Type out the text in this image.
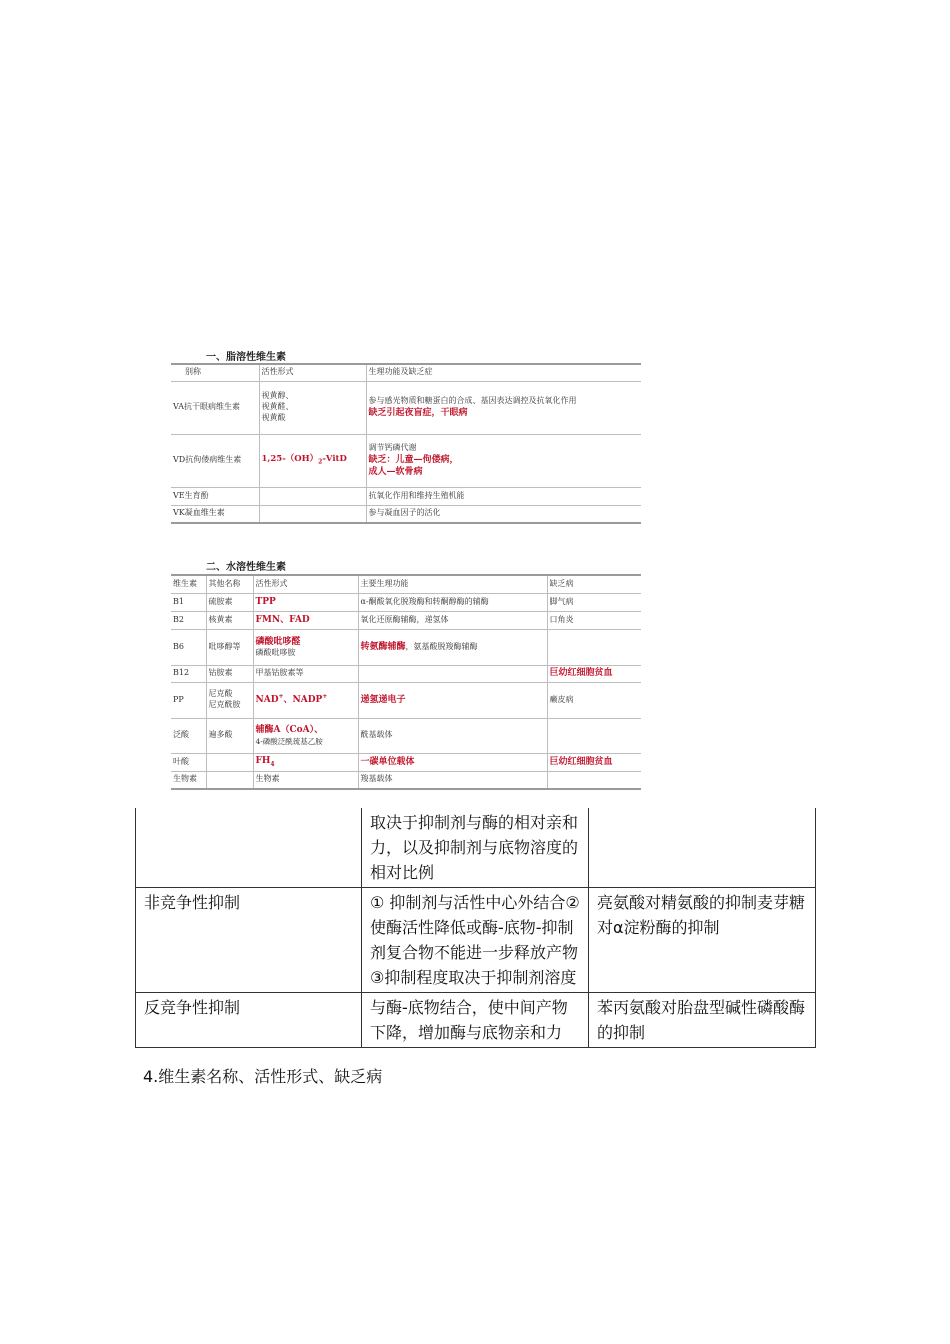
一、脂溶性维生素
别称	活性形式	生理功能及缺乏症
VA抗干眼病维生素	视黄醇、
视黄醛、
视黄酸	参与感光物质和糖蛋白的合成、基因表达调控及抗氧化作用
缺乏引起夜盲症，干眼病

VD抗佝偻病维生素	$1,25-(OH)_2$-VitD	调节钙磷代谢
缺乏：儿童—佝偻病，
成人—软骨病

VE生育酚		抗氧化作用和维持生殖机能
VK凝血维生素		参与凝血因子的活化
二、水溶性维生素
维生素	其他名称	活性形式	主要生理功能	缺乏病
B1	硫胺素	TPP	α-酮酸氧化脱羧酶和转酮醇酶的辅酶	脚气病
B2	核黄素	FMN、FAD	氧化还原酶辅酶，递氢体	口角炎
B6	吡哆醇等	磷酸吡哆醛
磷酸吡哆胺	转氨酶辅酶，氨基酸脱羧酶辅酶	
B12	钴胺素	甲基钴胺素等		巨幼红细胞贫血
PP	尼克酸
尼克酰胺	NAD+、NADP+	递氢递电子	癞皮病
泛酸	遍多酸	辅酶A（CoA）、
4-磷酸泛酰巯基乙胺	酰基载体	
叶酸		$FH_4$	一碳单位载体	巨幼红细胞贫血
生物素		生物素	羧基载体	
	取决于抑制剂与酶的相对亲和力，以及抑制剂与底物溶度的相对比例	
非竞争性抑制	① 抑制剂与活性中心外结合②使酶活性降低或酶-底物-抑制剂复合物不能进一步释放产物③抑制程度取决于抑制剂溶度	亮氨酸对精氨酸的抑制麦芽糖对α淀粉酶的抑制
反竞争性抑制	与酶-底物结合，使中间产物下降，增加酶与底物亲和力	苯丙氨酸对胎盘型碱性磷酸酶的抑制
4.维生素名称、活性形式、缺乏病
